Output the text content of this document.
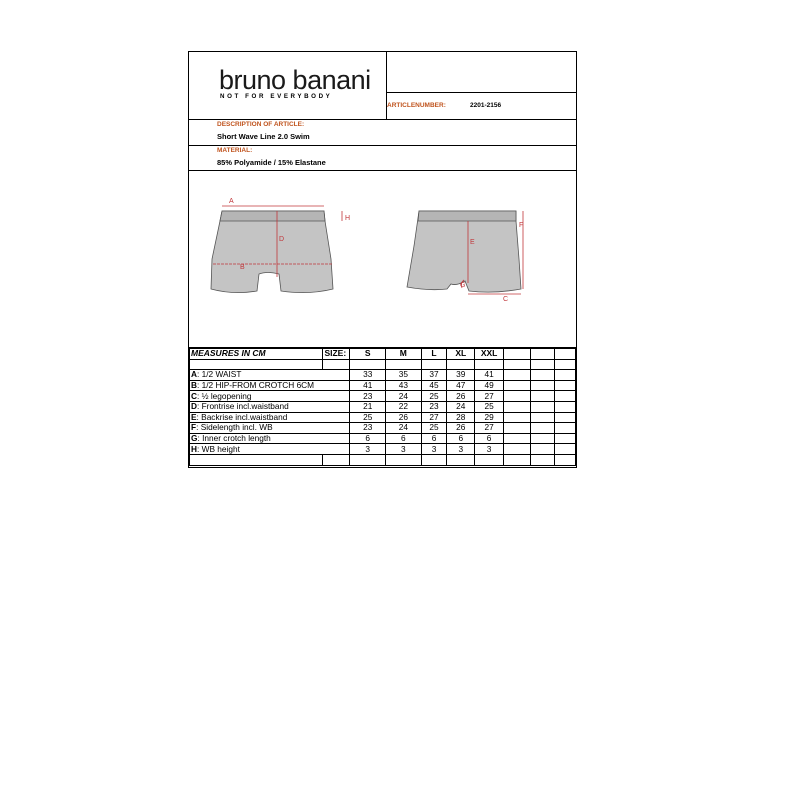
bruno banani
NOT FOR EVERYBODY
ARTICLENUMBER:	2201-2156
DESCRIPTION OF ARTICLE:
Short Wave Line 2.0 Swim
MATERIAL:
85% Polyamide / 15% Elastane
A
H
D
B
E
F
C
G
MEASURES IN CM	SIZE:	S	M	L	XL	XXL			

A: 1/2 WAIST		33	35	37	39	41			
B: 1/2 HIP-FROM CROTCH 6CM		41	43	45	47	49			
C: ½ legopening		23	24	25	26	27			
D: Frontrise incl.waistband		21	22	23	24	25			
E: Backrise incl.waistband		25	26	27	28	29			
F: Sidelength incl. WB		23	24	25	26	27			
G: Inner crotch length		6	6	6	6	6			
H: WB height		3	3	3	3	3			
